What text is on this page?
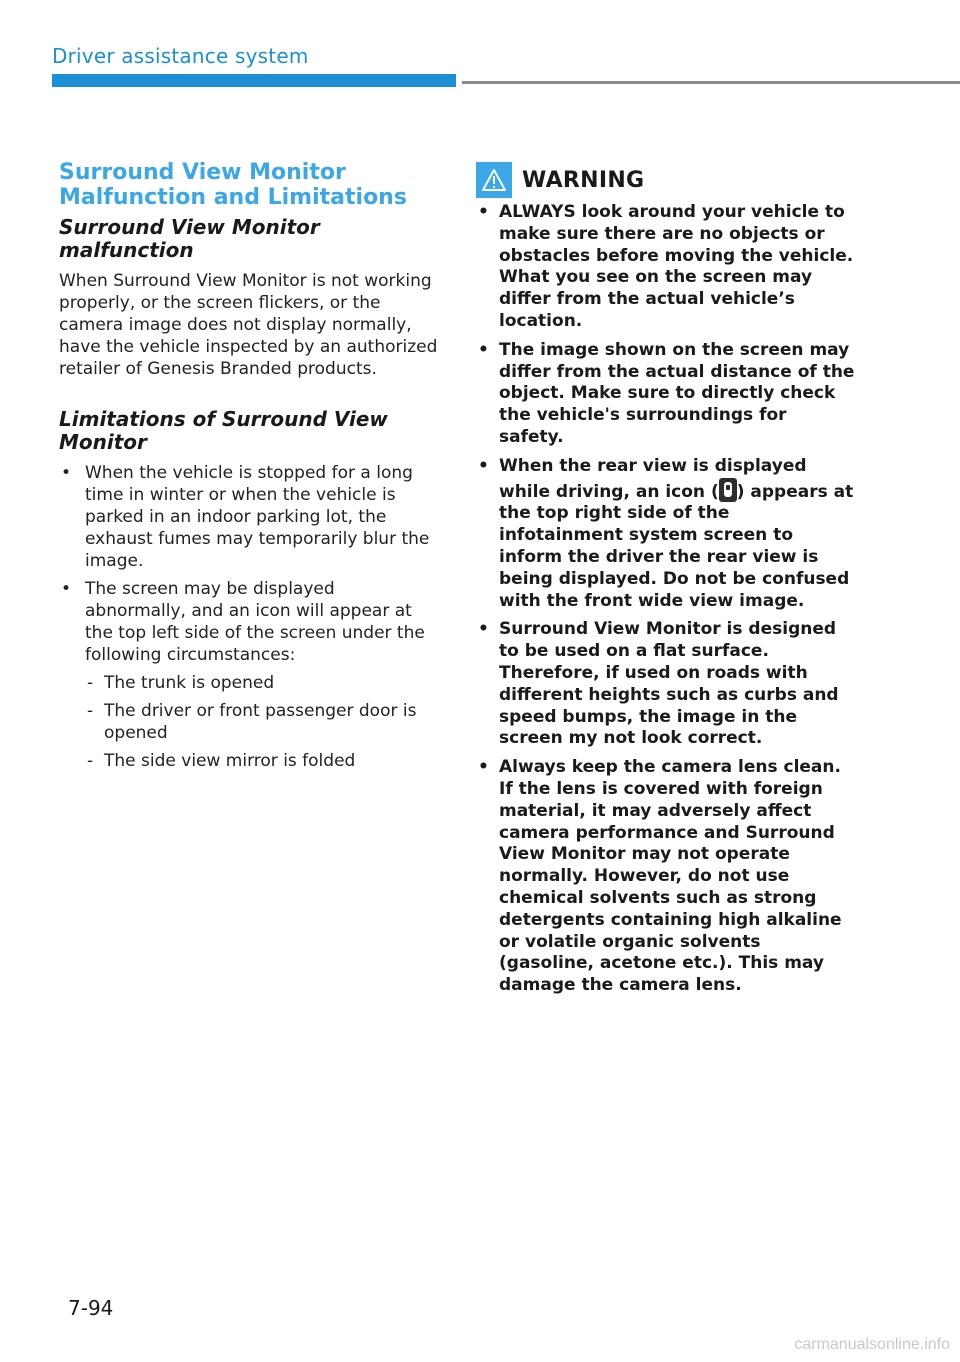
Driver assistance system
Surround View Monitor
Malfunction and Limitations
Surround View Monitor malfunction

When Surround View Monitor is not working properly, or the screen flickers, or the camera image does not display normally, have the vehicle inspected by an authorized retailer of Genesis Branded products.

Limitations of Surround View
Monitor
• When the vehicle is stopped for a long time in winter or when the vehicle is parked in an indoor parking lot, the exhaust fumes may temporarily blur the image.
• The screen may be displayed abnormally, and an icon will appear at the top left side of the screen under the following circumstances:
- The trunk is opened
- The driver or front passenger door is opened
- The side view mirror is folded
WARNING
• ALWAYS look around your vehicle to make sure there are no objects or obstacles before moving the vehicle. What you see on the screen may differ from the actual vehicle’s location.
• The image shown on the screen may differ from the actual distance of the object. Make sure to directly check the vehicle's surroundings for safety.
• When the rear view is displayed while driving, an icon ( ) appears at the top right side of the infotainment system screen to inform the driver the rear view is being displayed. Do not be confused with the front wide view image.
• Surround View Monitor is designed to be used on a flat surface. Therefore, if used on roads with different heights such as curbs and speed bumps, the image in the screen my not look correct.
• Always keep the camera lens clean. If the lens is covered with foreign material, it may adversely affect camera performance and Surround View Monitor may not operate normally. However, do not use chemical solvents such as strong detergents containing high alkaline or volatile organic solvents (gasoline, acetone etc.). This may damage the camera lens.
7-94
carmanualsonline.info
